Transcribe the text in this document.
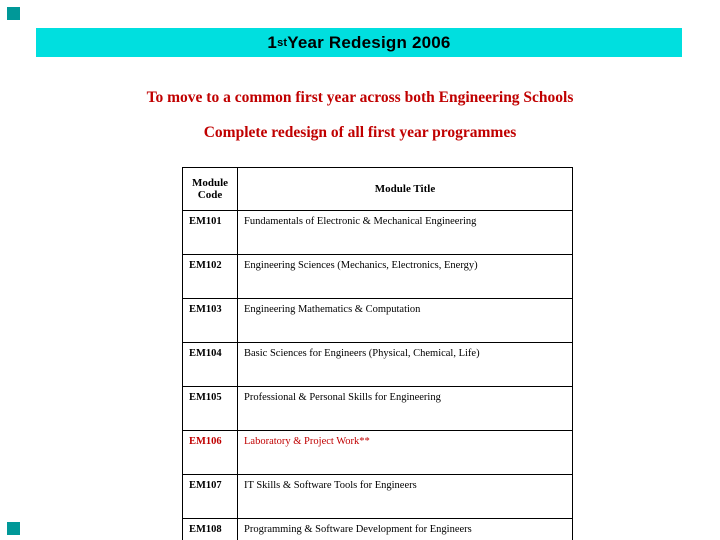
1 st Year Redesign 2006
To move to a common first year across both Engineering Schools
Complete redesign of all first year programmes
Module Code	Module Title
EM101	Fundamentals of Electronic & Mechanical Engineering
EM102	Engineering Sciences (Mechanics, Electronics, Energy)
EM103	Engineering Mathematics & Computation
EM104	Basic Sciences for Engineers (Physical, Chemical, Life)
EM105	Professional & Personal Skills for Engineering
EM106	Laboratory & Project Work**
EM107	IT Skills & Software Tools for Engineers
EM108	Programming & Software Development for Engineers
